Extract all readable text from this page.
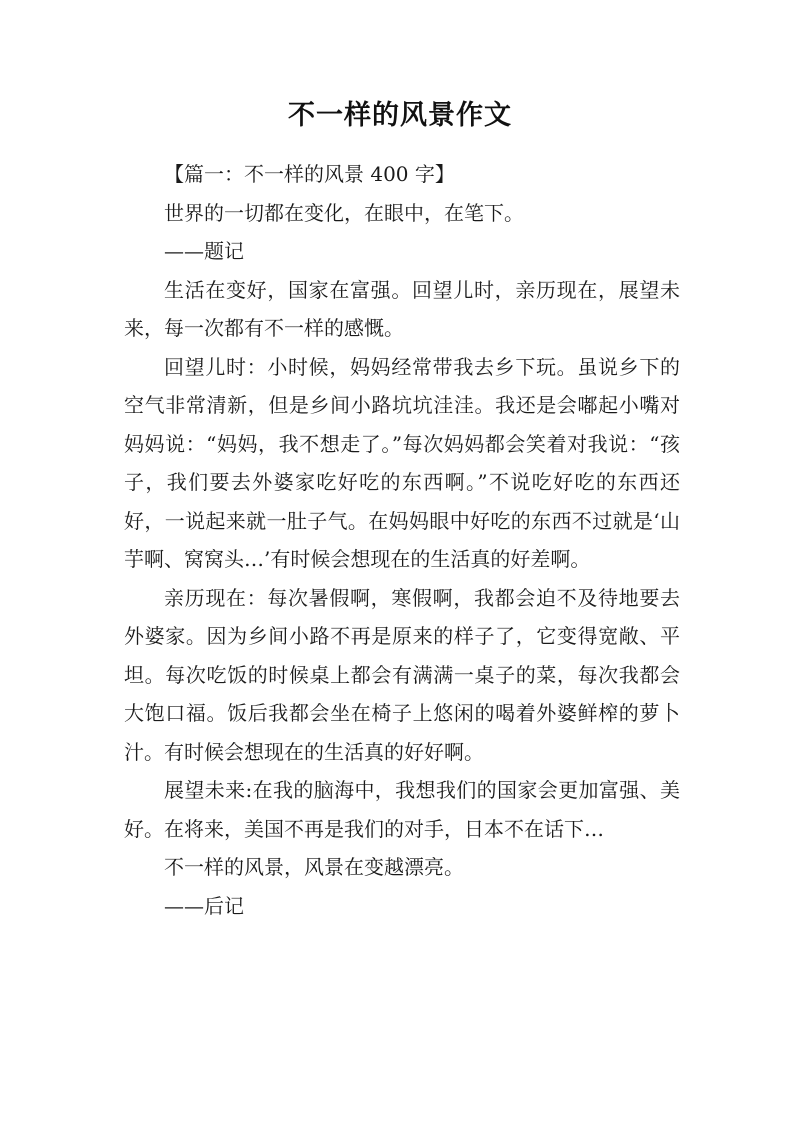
不一样的风景作文

【篇一：不一样的风景 400 字】

世界的一切都在变化，在眼中，在笔下。

——题记

生活在变好，国家在富强。回望儿时，亲历现在，展望未来，每一次都有不一样的感慨。

回望儿时：小时候，妈妈经常带我去乡下玩。虽说乡下的空气非常清新，但是乡间小路坑坑洼洼。我还是会嘟起小嘴对妈妈说：“妈妈，我不想走了。”每次妈妈都会笑着对我说：“孩子，我们要去外婆家吃好吃的东西啊。”不说吃好吃的东西还好，一说起来就一肚子气。在妈妈眼中好吃的东西不过就是‘山芋啊、窝窝头…’有时候会想现在的生活真的好差啊。

亲历现在：每次暑假啊，寒假啊，我都会迫不及待地要去外婆家。因为乡间小路不再是原来的样子了，它变得宽敞、平坦。每次吃饭的时候桌上都会有满满一桌子的菜，每次我都会大饱口福。饭后我都会坐在椅子上悠闲的喝着外婆鲜榨的萝卜汁。有时候会想现在的生活真的好好啊。

展望未来:在我的脑海中，我想我们的国家会更加富强、美好。在将来，美国不再是我们的对手，日本不在话下…

不一样的风景，风景在变越漂亮。

——后记
